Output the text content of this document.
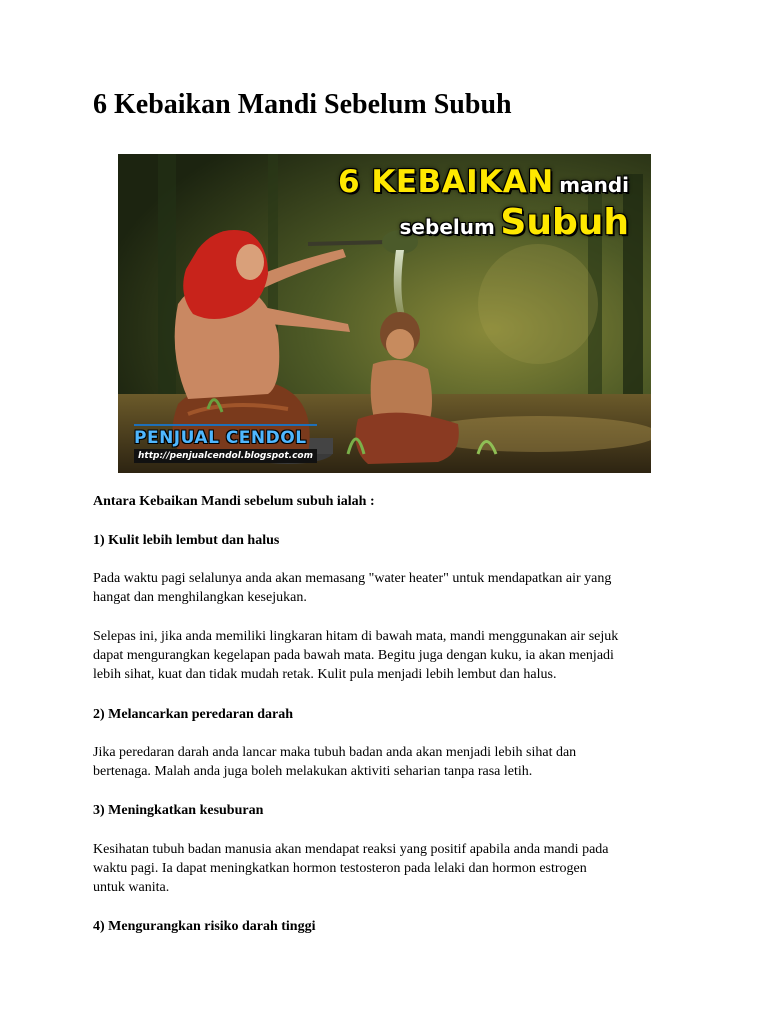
6 Kebaikan Mandi Sebelum Subuh
6 KEBAIKAN mandi
sebelum Subuh
PENJUAL CENDOL
http://penjualcendol.blogspot.com

Antara Kebaikan Mandi sebelum subuh ialah :

1) Kulit lebih lembut dan halus

Pada waktu pagi selalunya anda akan memasang "water heater" untuk mendapatkan air yang
hangat dan menghilangkan kesejukan.

Selepas ini, jika anda memiliki lingkaran hitam di bawah mata, mandi menggunakan air sejuk
dapat mengurangkan kegelapan pada bawah mata. Begitu juga dengan kuku, ia akan menjadi
lebih sihat, kuat dan tidak mudah retak. Kulit pula menjadi lebih lembut dan halus.

2) Melancarkan peredaran darah

Jika peredaran darah anda lancar maka tubuh badan anda akan menjadi lebih sihat dan
bertenaga. Malah anda juga boleh melakukan aktiviti seharian tanpa rasa letih.

3) Meningkatkan kesuburan

Kesihatan tubuh badan manusia akan mendapat reaksi yang positif apabila anda mandi pada
waktu pagi. Ia dapat meningkatkan hormon testosteron pada lelaki dan hormon estrogen
untuk wanita.

4) Mengurangkan risiko darah tinggi
